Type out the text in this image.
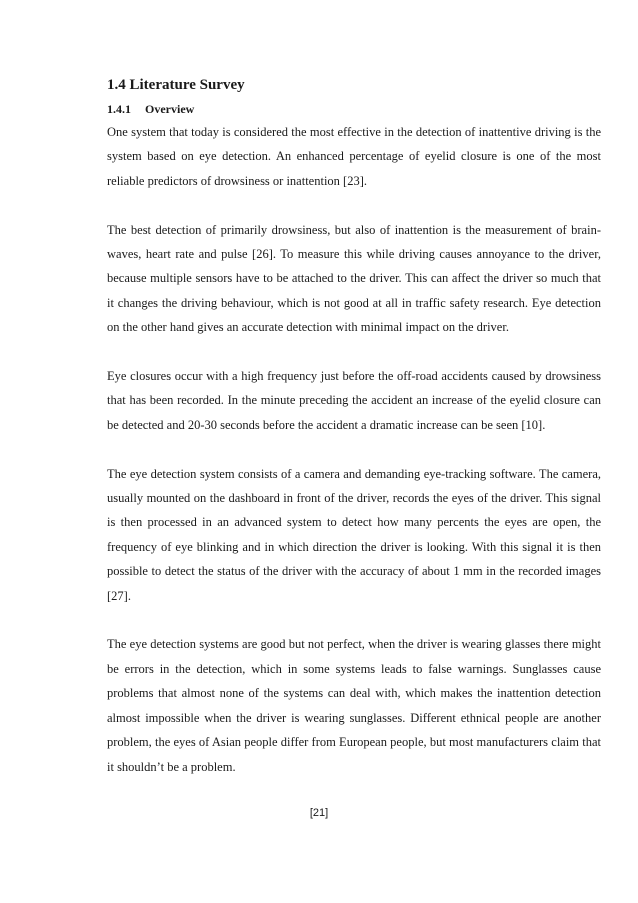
1.4 Literature Survey
1.4.1 Overview

One system that today is considered the most effective in the detection of inattentive driving is the system based on eye detection. An enhanced percentage of eyelid closure is one of the most reliable predictors of drowsiness or inattention [23].

The best detection of primarily drowsiness, but also of inattention is the measurement of brain-waves, heart rate and pulse [26]. To measure this while driving causes annoyance to the driver, because multiple sensors have to be attached to the driver. This can affect the driver so much that it changes the driving behaviour, which is not good at all in traffic safety research. Eye detection on the other hand gives an accurate detection with minimal impact on the driver.

Eye closures occur with a high frequency just before the off-road accidents caused by drowsiness that has been recorded. In the minute preceding the accident an increase of the eyelid closure can be detected and 20-30 seconds before the accident a dramatic increase can be seen [10].

The eye detection system consists of a camera and demanding eye-tracking software. The camera, usually mounted on the dashboard in front of the driver, records the eyes of the driver. This signal is then processed in an advanced system to detect how many percents the eyes are open, the frequency of eye blinking and in which direction the driver is looking. With this signal it is then possible to detect the status of the driver with the accuracy of about 1 mm in the recorded images [27].

The eye detection systems are good but not perfect, when the driver is wearing glasses there might be errors in the detection, which in some systems leads to false warnings. Sunglasses cause problems that almost none of the systems can deal with, which makes the inattention detection almost impossible when the driver is wearing sunglasses. Different ethnical people are another problem, the eyes of Asian people differ from European people, but most manufacturers claim that it shouldn’t be a problem.

[21]
